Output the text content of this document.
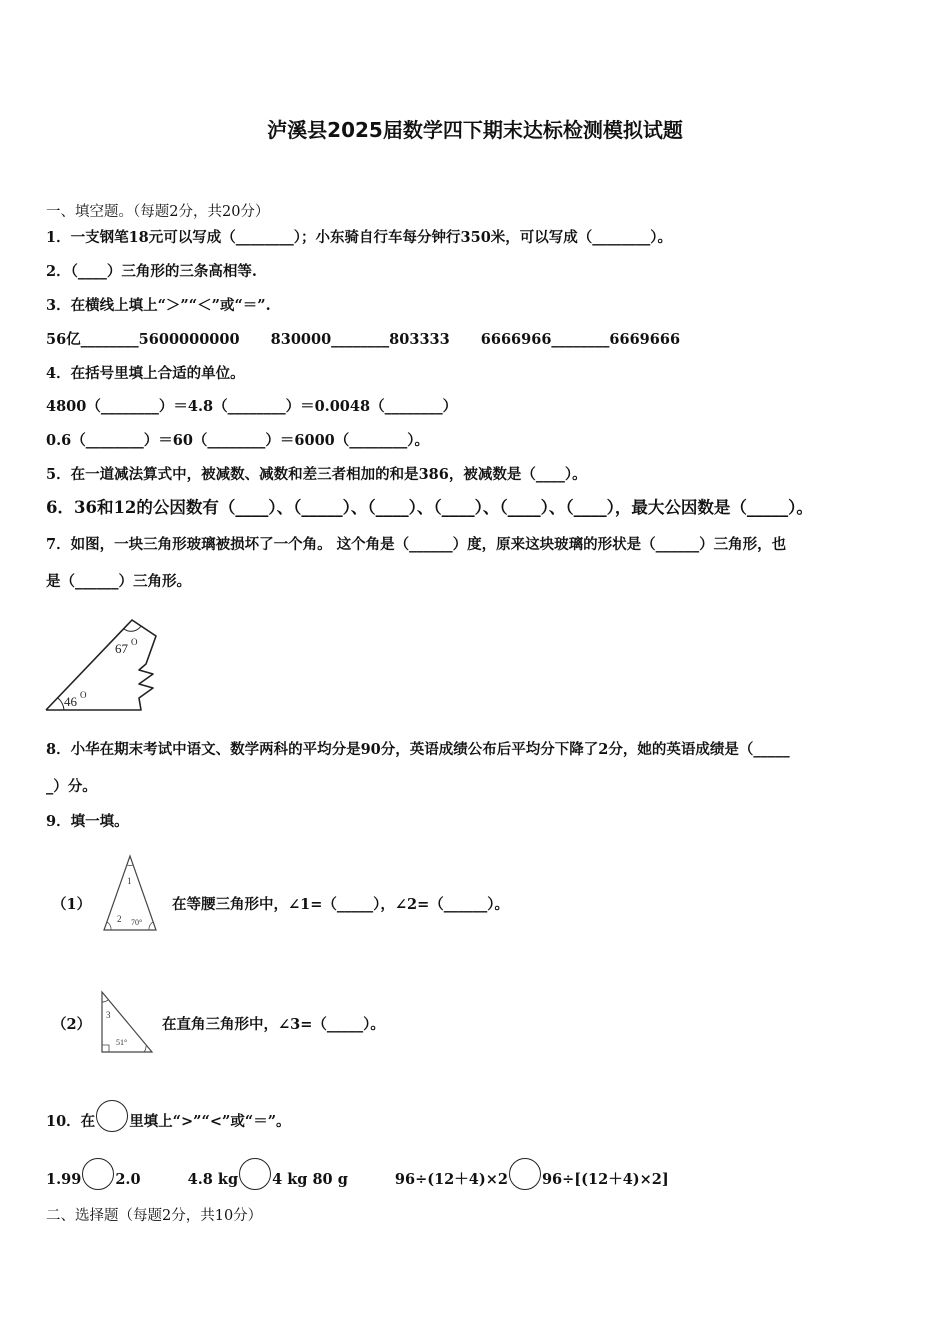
泸溪县2025届数学四下期末达标检测模拟试题
一、填空题。（每题2分，共20分）
1．一支钢笔18元可以写成（________）；小东骑自行车每分钟行350米，可以写成（________）。
2．（____）三角形的三条高相等.
3．在横线上填上“＞”“＜”或“＝”.
56亿________5600000000 830000________803333 6666966________6669666
4．在括号里填上合适的单位。
4800（________）＝4.8（________）＝0.0048（________）
0.6（________）＝60（________）＝6000（________）。
5．在一道减法算式中，被减数、减数和差三者相加的和是386，被减数是（____）。
6．36和12的公因数有（____）、（_____）、（____）、（____）、（____）、（____），最大公因数是（_____）。
7．如图，一块三角形玻璃被损坏了一个角。 这个角是（______）度，原来这块玻璃的形状是（______）三角形，也
是（______）三角形。
67 O
46 O
8．小华在期末考试中语文、数学两科的平均分是90分，英语成绩公布后平均分下降了2分，她的英语成绩是（_____
_）分。
9．填一填。
（1）
1
2 70°
在等腰三角形中，∠1=（_____），∠2=（______）。
（2）
3
51°
在直角三角形中，∠3=（_____）。
10．在 里填上“>”“<”或“＝”。
1.99 2.0	4.8 kg 4 kg 80 g	96÷(12＋4)×2 96÷[(12＋4)×2]
二、选择题（每题2分，共10分）
